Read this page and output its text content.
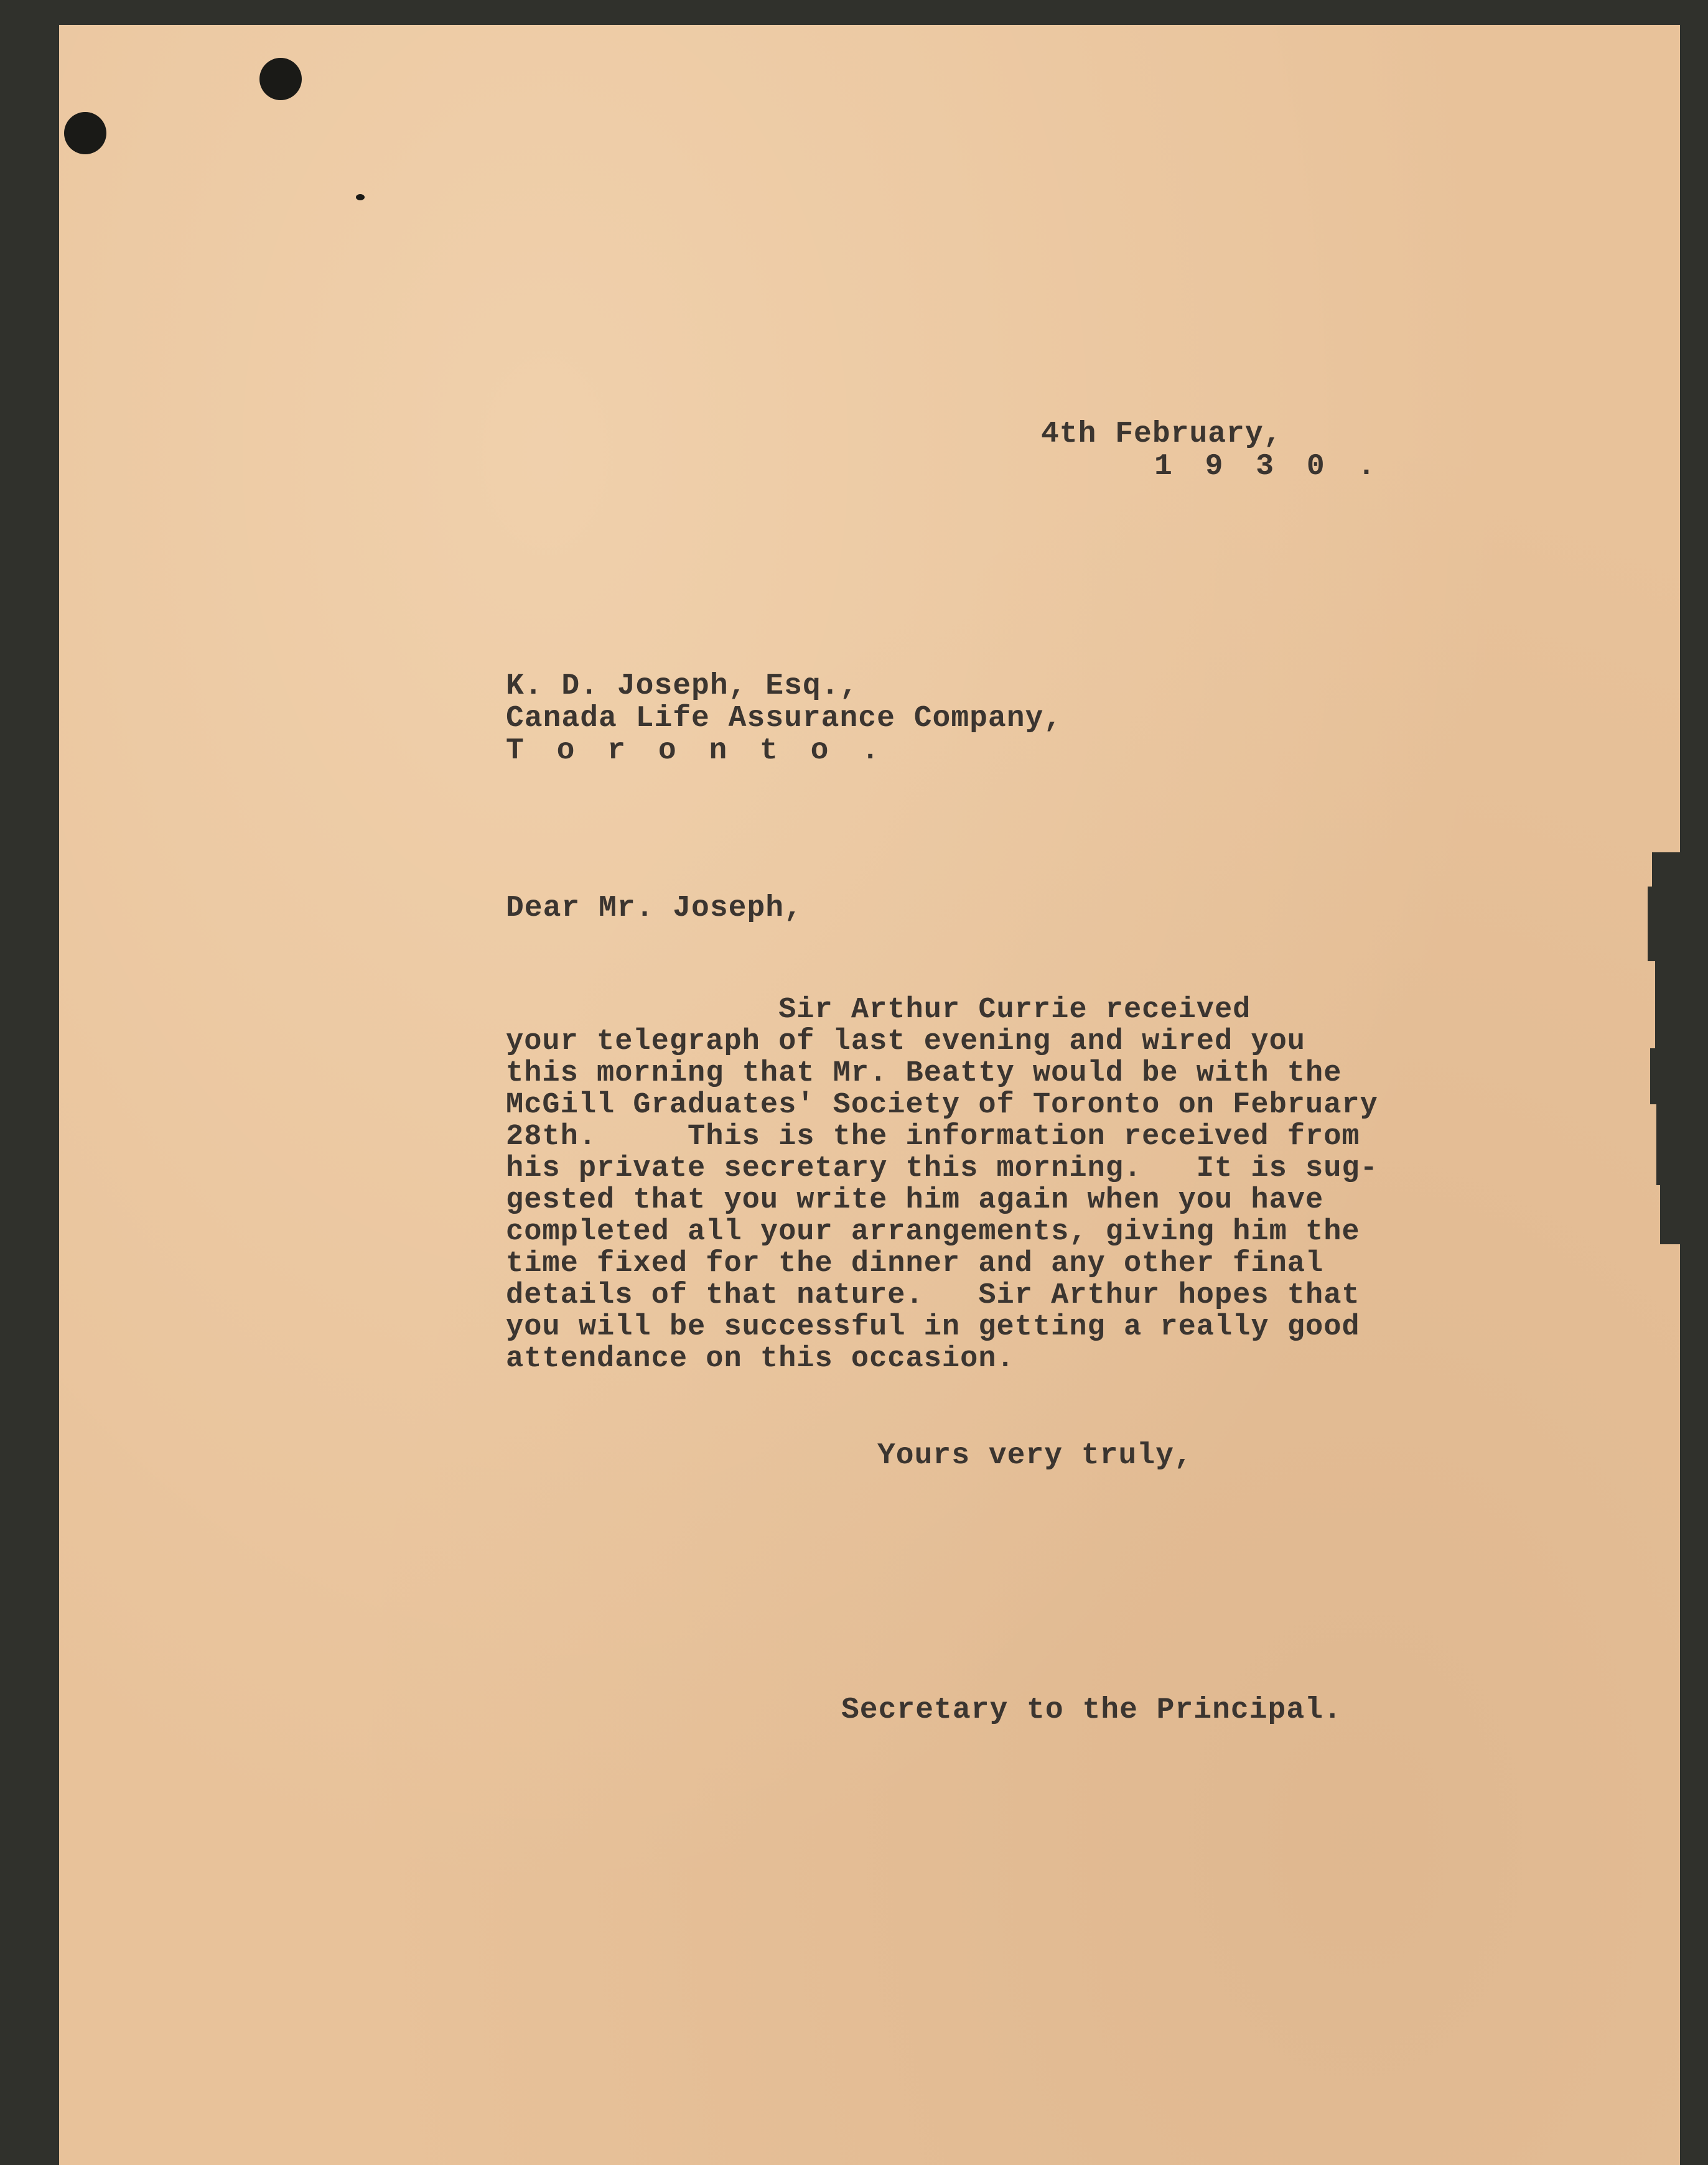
4th February,

1 9 3 0 .

K. D. Joseph, Esq.,

Canada Life Assurance Company,

T o r o n t o .

Dear Mr. Joseph,

Sir Arthur Currie received

your telegraph of last evening and wired you

this morning that Mr. Beatty would be with the

McGill Graduates' Society of Toronto on February

28th.     This is the information received from

his private secretary this morning.   It is sug-

gested that you write him again when you have

completed all your arrangements, giving him the

time fixed for the dinner and any other final

details of that nature.   Sir Arthur hopes that

you will be successful in getting a really good

attendance on this occasion.

Yours very truly,

Secretary to the Principal.
